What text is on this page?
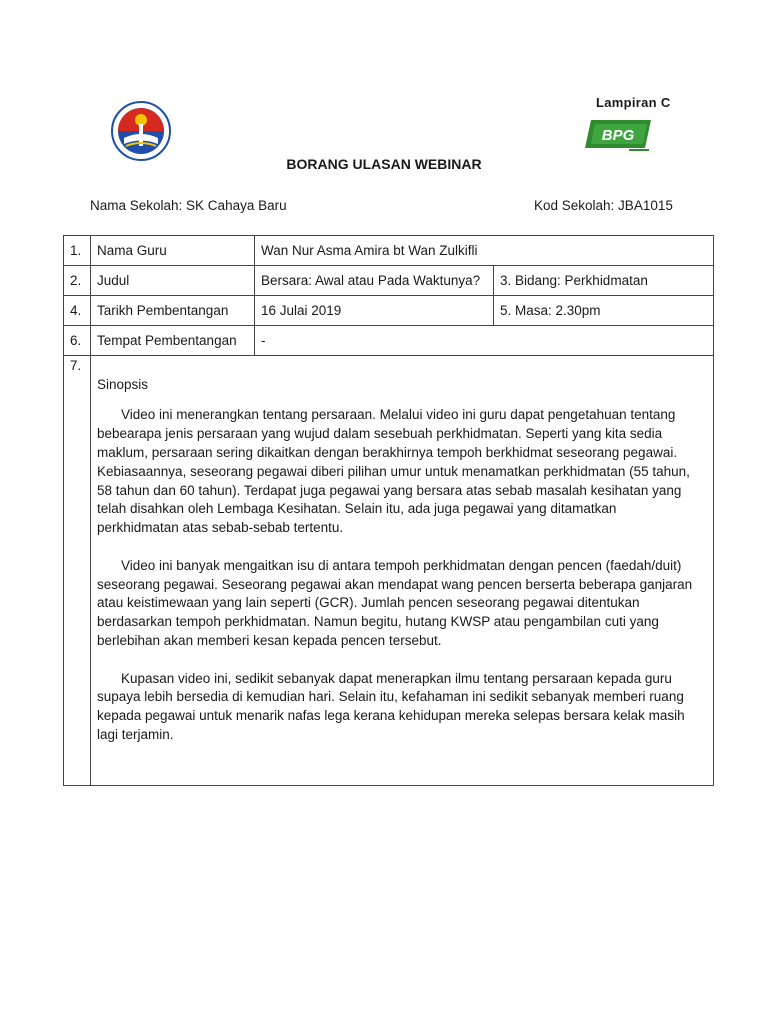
Lampiran C
BPG
BORANG ULASAN WEBINAR
Nama Sekolah: SK Cahaya Baru	Kod Sekolah: JBA1015
1.	Nama Guru	Wan Nur Asma Amira bt Wan Zulkifli	
2.	Judul	Bersara: Awal atau Pada Waktunya?	3. Bidang: Perkhidmatan
4.	Tarikh Pembentangan	16 Julai 2019	5. Masa: 2.30pm
6.	Tempat Pembentangan	-	
7.	Sinopsis

Video ini menerangkan tentang persaraan. Melalui video ini guru dapat pengetahuan tentang bebearapa jenis persaraan yang wujud dalam sesebuah perkhidmatan. Seperti yang kita sedia maklum, persaraan sering dikaitkan dengan berakhirnya tempoh berkhidmat seseorang pegawai. Kebiasaannya, seseorang pegawai diberi pilihan umur untuk menamatkan perkhidmatan (55 tahun, 58 tahun dan 60 tahun). Terdapat juga pegawai yang bersara atas sebab masalah kesihatan yang telah disahkan oleh Lembaga Kesihatan. Selain itu, ada juga pegawai yang ditamatkan perkhidmatan atas sebab-sebab tertentu.

Video ini banyak mengaitkan isu di antara tempoh perkhidmatan dengan pencen (faedah/duit) seseorang pegawai. Seseorang pegawai akan mendapat wang pencen berserta beberapa ganjaran atau keistimewaan yang lain seperti (GCR). Jumlah pencen seseorang pegawai ditentukan berdasarkan tempoh perkhidmatan. Namun begitu, hutang KWSP atau pengambilan cuti yang berlebihan akan memberi kesan kepada pencen tersebut.

Kupasan video ini, sedikit sebanyak dapat menerapkan ilmu tentang persaraan kepada guru supaya lebih bersedia di kemudian hari. Selain itu, kefahaman ini sedikit sebanyak memberi ruang kepada pegawai untuk menarik nafas lega kerana kehidupan mereka selepas bersara kelak masih lagi terjamin.		
